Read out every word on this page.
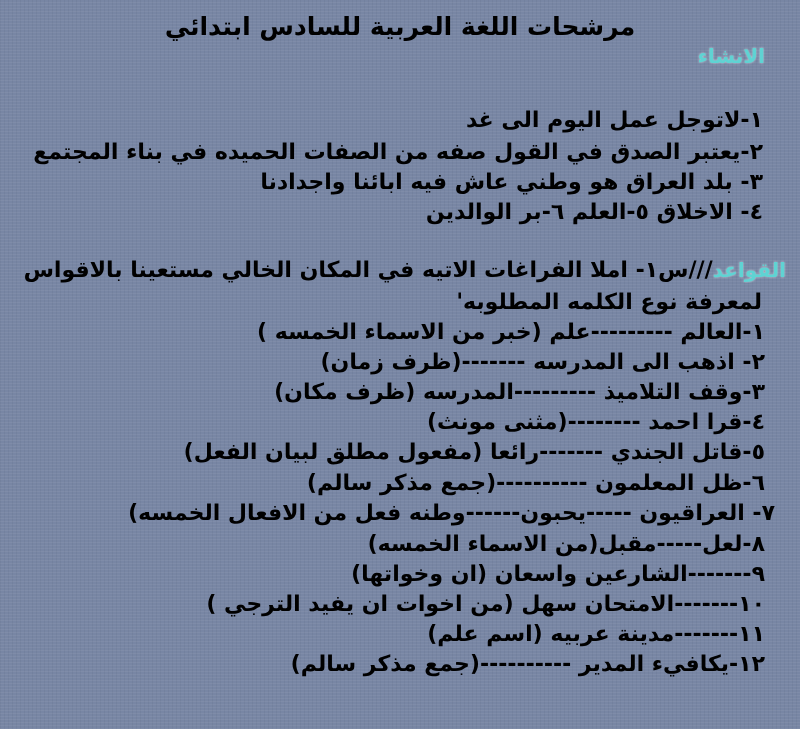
مرشحات اللغة العربية للسادس ابتدائي
الانشاء
١-لاتوجل عمل اليوم الى غد
٢-يعتبر الصدق في القول صفه من الصفات الحميده في بناء المجتمع
٣- بلد العراق هو وطني عاش فيه ابائنا واجدادنا
٤- الاخلاق ٥-العلم ٦-بر الوالدين
القواعد///س١- املا الفراغات الاتيه في المكان الخالي مستعينا بالاقواس
لمعرفة نوع الكلمه المطلوبه'
١-العالم ---------علم (خبر من الاسماء الخمسه )
٢- اذهب الى المدرسه -------(ظرف زمان)
٣-وقف التلاميذ ---------المدرسه (ظرف مكان)
٤-قرا احمد --------(مثنى مونث)
٥-قاتل الجندي -------رائعا (مفعول مطلق لبيان الفعل)
٦-ظل المعلمون ----------(جمع مذكر سالم)
٧- العراقيون -----يحبون------وطنه فعل من الافعال الخمسه)
٨-لعل-----مقبل(من الاسماء الخمسه)
٩-------الشارعين واسعان (ان وخواتها)
١٠-------الامتحان سهل (من اخوات ان يفيد الترجي )
١١-------مدينة عربيه (اسم علم)
١٢-يكافيء المدير ----------(جمع مذكر سالم)
